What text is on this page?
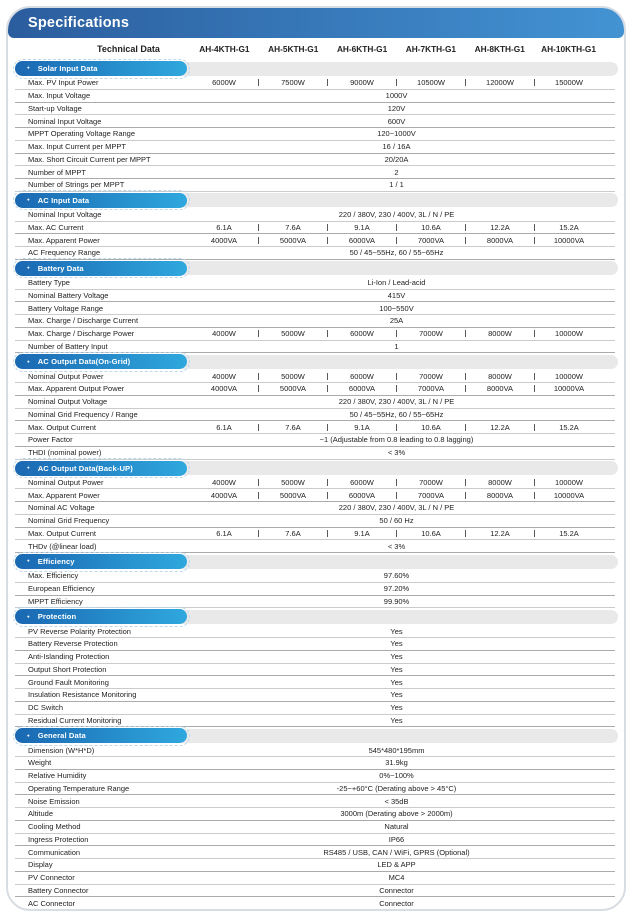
Specifications
Technical Data	AH-4KTH-G1	AH-5KTH-G1	AH-6KTH-G1	AH-7KTH-G1	AH-8KTH-G1	AH-10KTH-G1
● Solar Input Data
Max. PV Input Power	6000W	7500W	9000W	10500W	12000W	15000W
Max. Input Voltage	1000V
Start-up Voltage	120V
Nominal Input Voltage	600V
MPPT Operating Voltage Range	120~1000V
Max. Input Current per MPPT	16 / 16A
Max. Short Circuit Current per MPPT	20/20A
Number of MPPT	2
Number of Strings per MPPT	1 / 1
● AC Input Data
Nominal Input Voltage	220 / 380V, 230 / 400V, 3L / N / PE
Max. AC Current	6.1A	7.6A	9.1A	10.6A	12.2A	15.2A
Max. Apparent Power	4000VA	5000VA	6000VA	7000VA	8000VA	10000VA
AC Frequency Range	50 / 45~55Hz, 60 / 55~65Hz
● Battery Data
Battery Type	Li-Ion / Lead-acid
Nominal Battery Voltage	415V
Battery Voltage Range	100~550V
Max. Charge / Discharge Current	25A
Max. Charge / Discharge Power	4000W	5000W	6000W	7000W	8000W	10000W
Number of Battery Input	1
● AC Output Data(On-Grid)
Nominal Output Power	4000W	5000W	6000W	7000W	8000W	10000W
Max. Apparent Output Power	4000VA	5000VA	6000VA	7000VA	8000VA	10000VA
Nominal Output Voltage	220 / 380V, 230 / 400V, 3L / N / PE
Nominal Grid Frequency / Range	50 / 45~55Hz, 60 / 55~65Hz
Max. Output Current	6.1A	7.6A	9.1A	10.6A	12.2A	15.2A
Power Factor	~1 (Adjustable from 0.8 leading to 0.8 lagging)
THDI (nominal power)	< 3%
● AC Output Data(Back-UP)
Nominal Output Power	4000W	5000W	6000W	7000W	8000W	10000W
Max. Apparent Power	4000VA	5000VA	6000VA	7000VA	8000VA	10000VA
Nominal AC Voltage	220 / 380V, 230 / 400V, 3L / N / PE
Nominal Grid Frequency	50 / 60 Hz
Max. Output Current	6.1A	7.6A	9.1A	10.6A	12.2A	15.2A
THDv (@linear load)	< 3%
● Efficiency
Max. Efficiency	97.60%
European Efficiency	97.20%
MPPT Efficiency	99.90%
● Protection
PV Reverse Polarity Protection	Yes
Battery Reverse Protection	Yes
Anti-Islanding Protection	Yes
Output Short Protection	Yes
Ground Fault Monitoring	Yes
Insulation Resistance Monitoring	Yes
DC Switch	Yes
Residual Current Monitoring	Yes
● General Data
Dimension (W*H*D)	545*480*195mm
Weight	31.9kg
Relative Humidity	0%~100%
Operating Temperature Range	-25~+60°C (Derating above > 45°C)
Noise Emission	< 35dB
Altitude	3000m (Derating above > 2000m)
Cooling Method	Natural
Ingress Protection	IP66
Communication	RS485 / USB, CAN / WiFi, GPRS (Optional)
Display	LED & APP
PV Connector	MC4
Battery Connector	Connector
AC Connector	Connector
